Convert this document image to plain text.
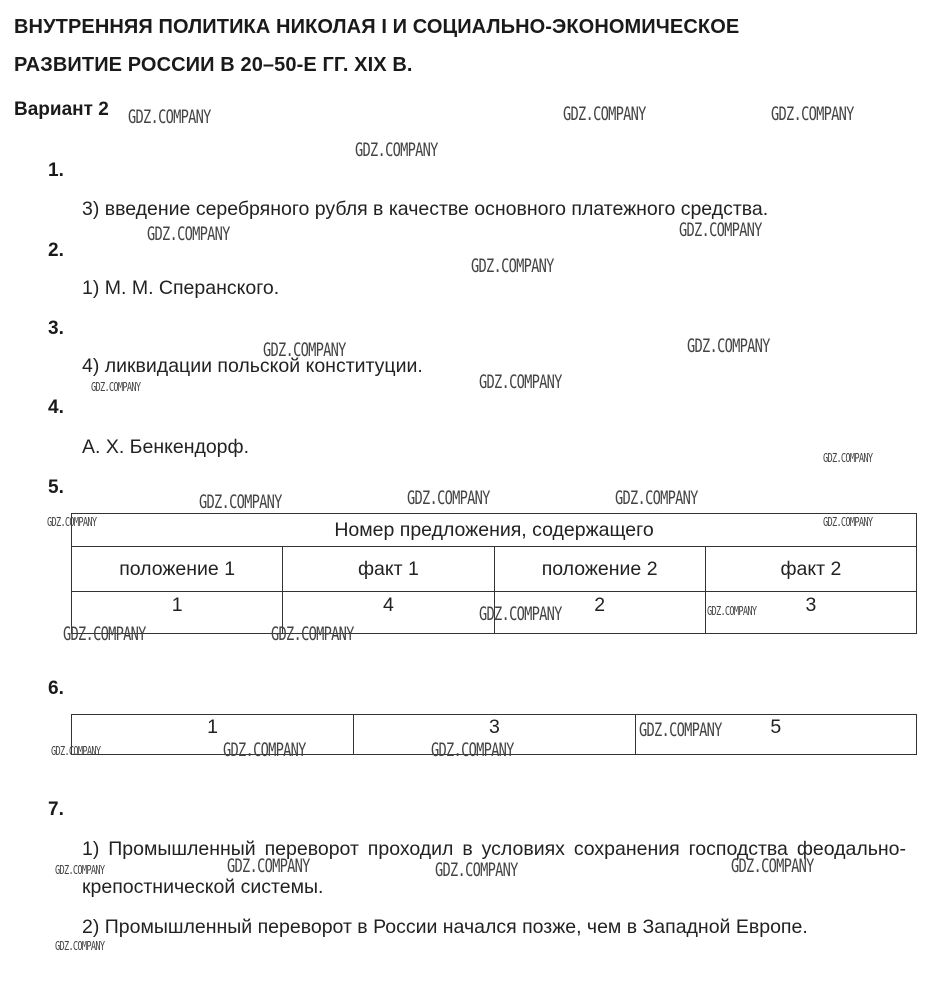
ВНУТРЕННЯЯ ПОЛИТИКА НИКОЛАЯ I И СОЦИАЛЬНО-ЭКОНОМИЧЕСКОЕ
РАЗВИТИЕ РОССИИ В 20–50-Е ГГ. XIX В.
Вариант 2
1.
2.
3.
4.
5.
6.
7.
3) введение серебряного рубля в качестве основного платежного средства.
1) М. М. Сперанского.
4) ликвидации польской конституции.
А. Х. Бенкендорф.
Номер предложения, содержащего			
положение 1	факт 1	положение 2	факт 2
1	4	2	3
1	3	5
1) Промышленный переворот проходил в условиях сохранения господства феодально-крепостнической системы.
2) Промышленный переворот в России начался позже, чем в Западной Европе.
GDZ.COMPANY	GDZ.COMPANY	GDZ.COMPANY
GDZ.COMPANY
GDZ.COMPANY	GDZ.COMPANY
GDZ.COMPANY
GDZ.COMPANY	GDZ.COMPANY
GDZ.COMPANY
GDZ.COMPANY
GDZ.COMPANY
GDZ.COMPANY	GDZ.COMPANY	GDZ.COMPANY
GDZ.COMPANY	GDZ.COMPANY
GDZ.COMPANY	GDZ.COMPANY
GDZ.COMPANY	GDZ.COMPANY
GDZ.COMPANY
GDZ.COMPANY	GDZ.COMPANY	GDZ.COMPANY
GDZ.COMPANY	GDZ.COMPANY	GDZ.COMPANY	GDZ.COMPANY
GDZ.COMPANY
